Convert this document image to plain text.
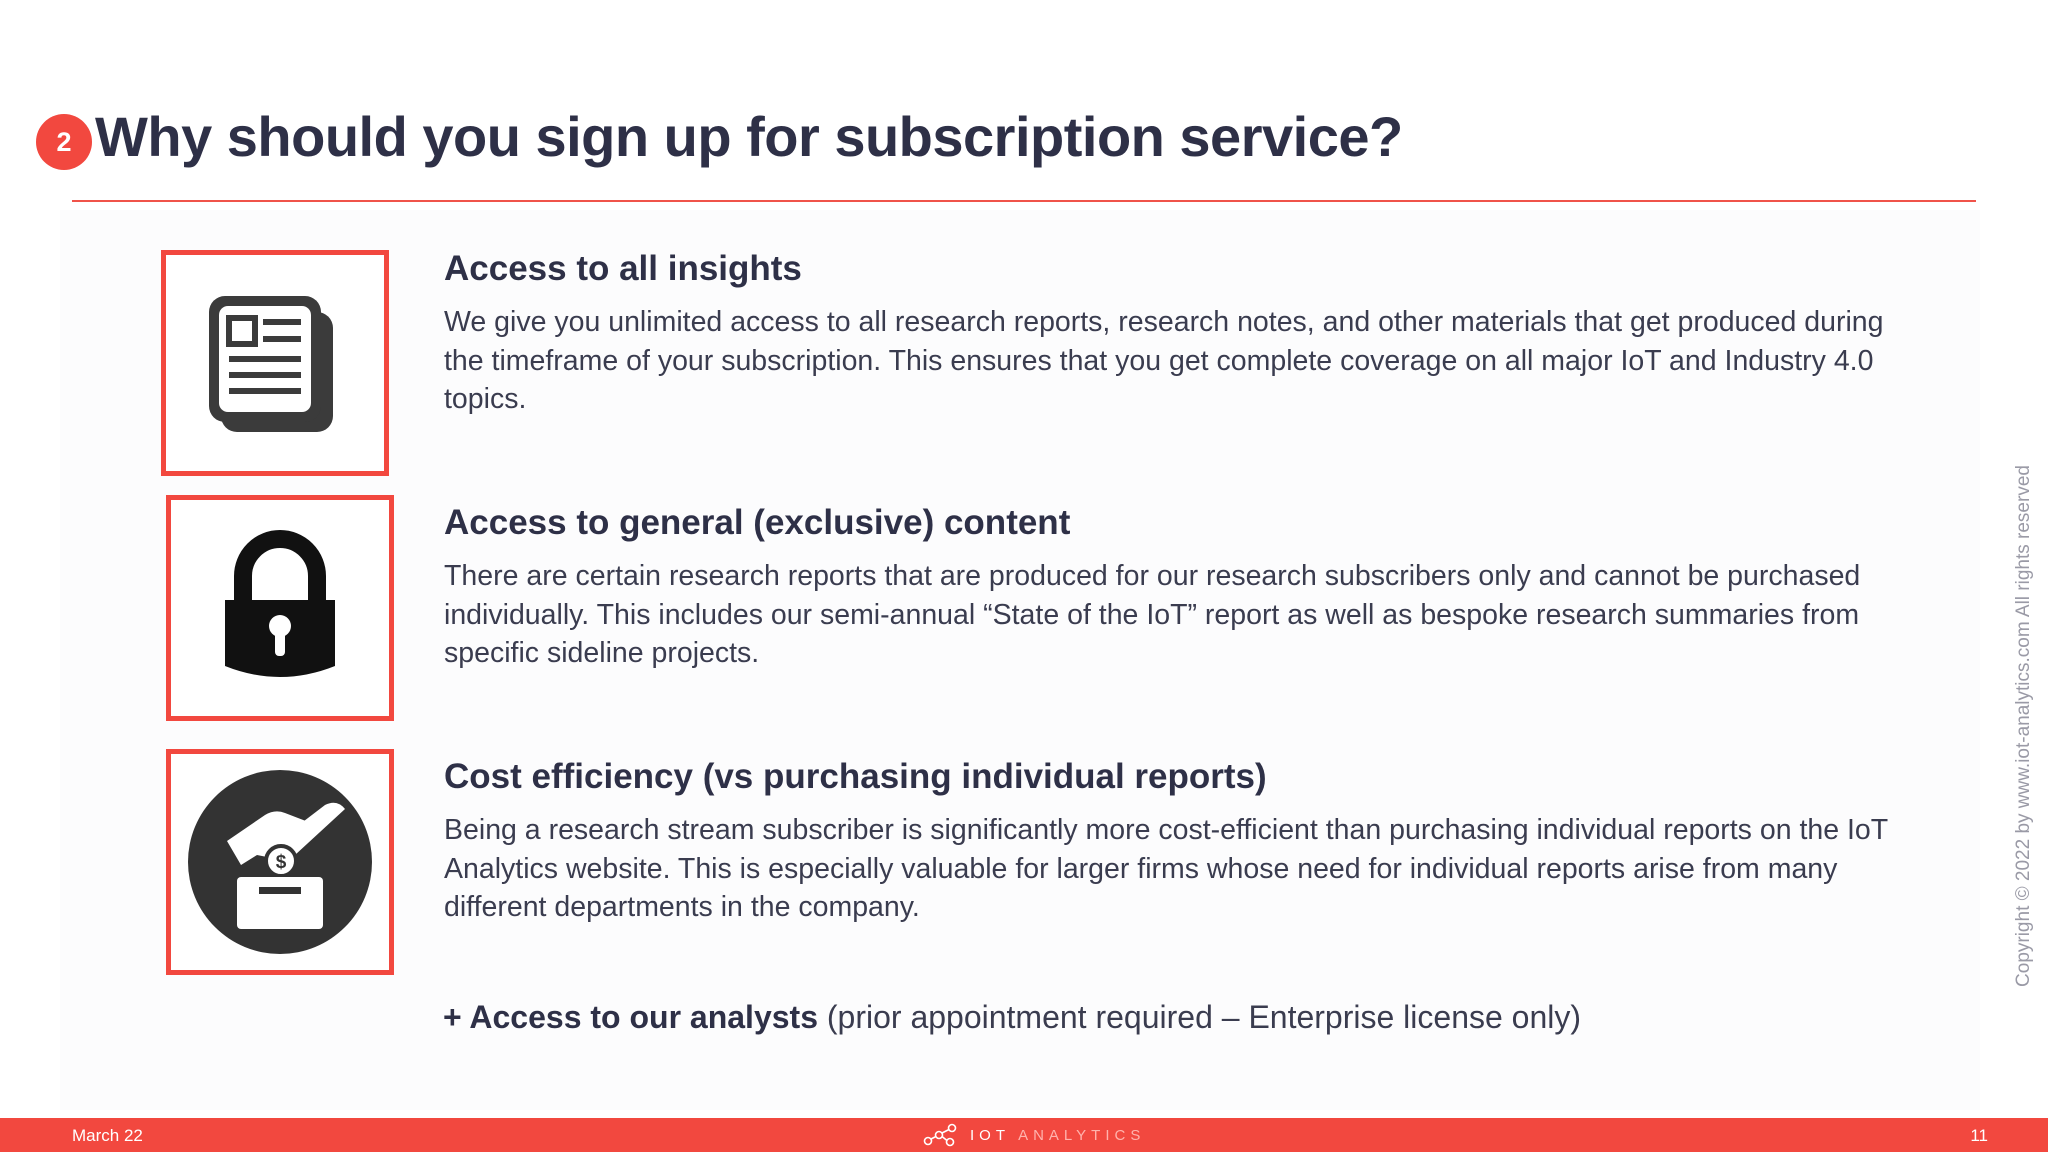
2 Why should you sign up for subscription service?
Access to all insights

We give you unlimited access to all research reports, research notes, and other materials that get produced during the timeframe of your subscription. This ensures that you get complete coverage on all major IoT and Industry 4.0 topics.

Access to general (exclusive) content

There are certain research reports that are produced for our research subscribers only and cannot be purchased individually. This includes our semi-annual “State of the IoT” report as well as bespoke research summaries from specific sideline projects.

$
Cost efficiency (vs purchasing individual reports)

Being a research stream subscriber is significantly more cost-efficient than purchasing individual reports on the IoT Analytics website. This is especially valuable for larger firms whose need for individual reports arise from many different departments in the company.

+ Access to our analysts (prior appointment required – Enterprise license only)
Copyright © 2022 by www.iot-analytics.com All rights reserved
March 22	IOT ANALYTICS	11
